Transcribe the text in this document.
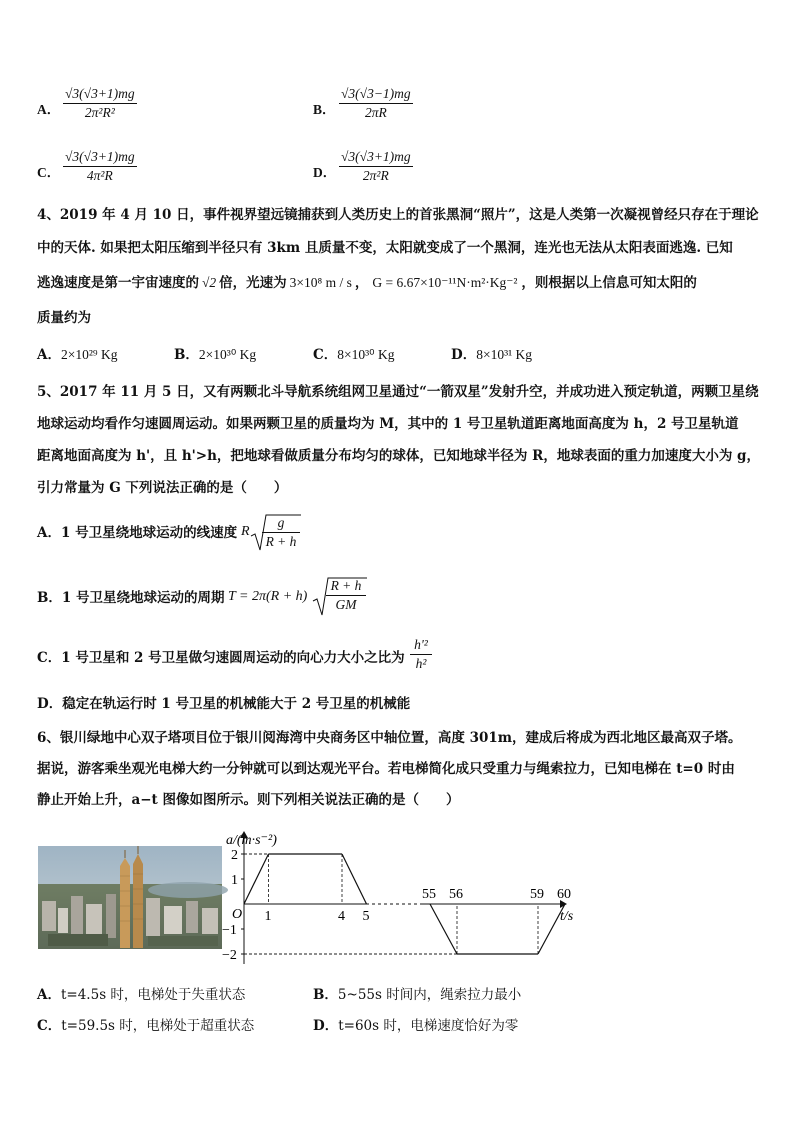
A．
√3(√3+1)mg
2π²R²	B．
√3(√3−1)mg
2πR
C．
√3(√3+1)mg
4π²R	D．
√3(√3+1)mg
2π²R
4、2019 年 4 月 10 日，事件视界望远镜捕获到人类历史上的首张黑洞“照片”，这是人类第一次凝视曾经只存在于理论
中的天体. 如果把太阳压缩到半径只有 3km 且质量不变，太阳就变成了一个黑洞，连光也无法从太阳表面逃逸. 已知
逃逸速度是第一宇宙速度的 √2 倍，光速为 3×10⁸ m / s ， G = 6.67×10⁻¹¹N·m²·Kg⁻² ，则根据以上信息可知太阳的
质量约为
A．2×10²⁹ Kg	B．2×10³⁰ Kg	C．8×10³⁰ Kg	D．8×10³¹ Kg
5、2017 年 11 月 5 日，又有两颗北斗导航系统组网卫星通过“一箭双星”发射升空，并成功进入预定轨道，两颗卫星绕
地球运动均看作匀速圆周运动。如果两颗卫星的质量均为 M，其中的 1 号卫星轨道距离地面高度为 h，2 号卫星轨道
距离地面高度为 h'，且 h'>h，把地球看做质量分布均匀的球体，已知地球半径为 R，地球表面的重力加速度大小为 g，
引力常量为 G 下列说法正确的是（　　）
A．1 号卫星绕地球运动的线速度 R
g
R + h
B．1 号卫星绕地球运动的周期 T = 2π(R + h)
R + h
GM
C．1 号卫星和 2 号卫星做匀速圆周运动的向心力大小之比为
h'²
h²
D．稳定在轨运行时 1 号卫星的机械能大于 2 号卫星的机械能
6、银川绿地中心双子塔项目位于银川阅海湾中央商务区中轴位置，高度 301m，建成后将成为西北地区最高双子塔。
据说，游客乘坐观光电梯大约一分钟就可以到达观光平台。若电梯简化成只受重力与绳索拉力，已知电梯在 t=0 时由
静止开始上升，a−t 图像如图所示。则下列相关说法正确的是（　　）
2
1
−1
−2
1	4 5
55 56	59 60
a/(m·s⁻²)
t/s
O
A．t=4.5s 时，电梯处于失重状态	B．5~55s 时间内，绳索拉力最小
C．t=59.5s 时，电梯处于超重状态	D．t=60s 时，电梯速度恰好为零
